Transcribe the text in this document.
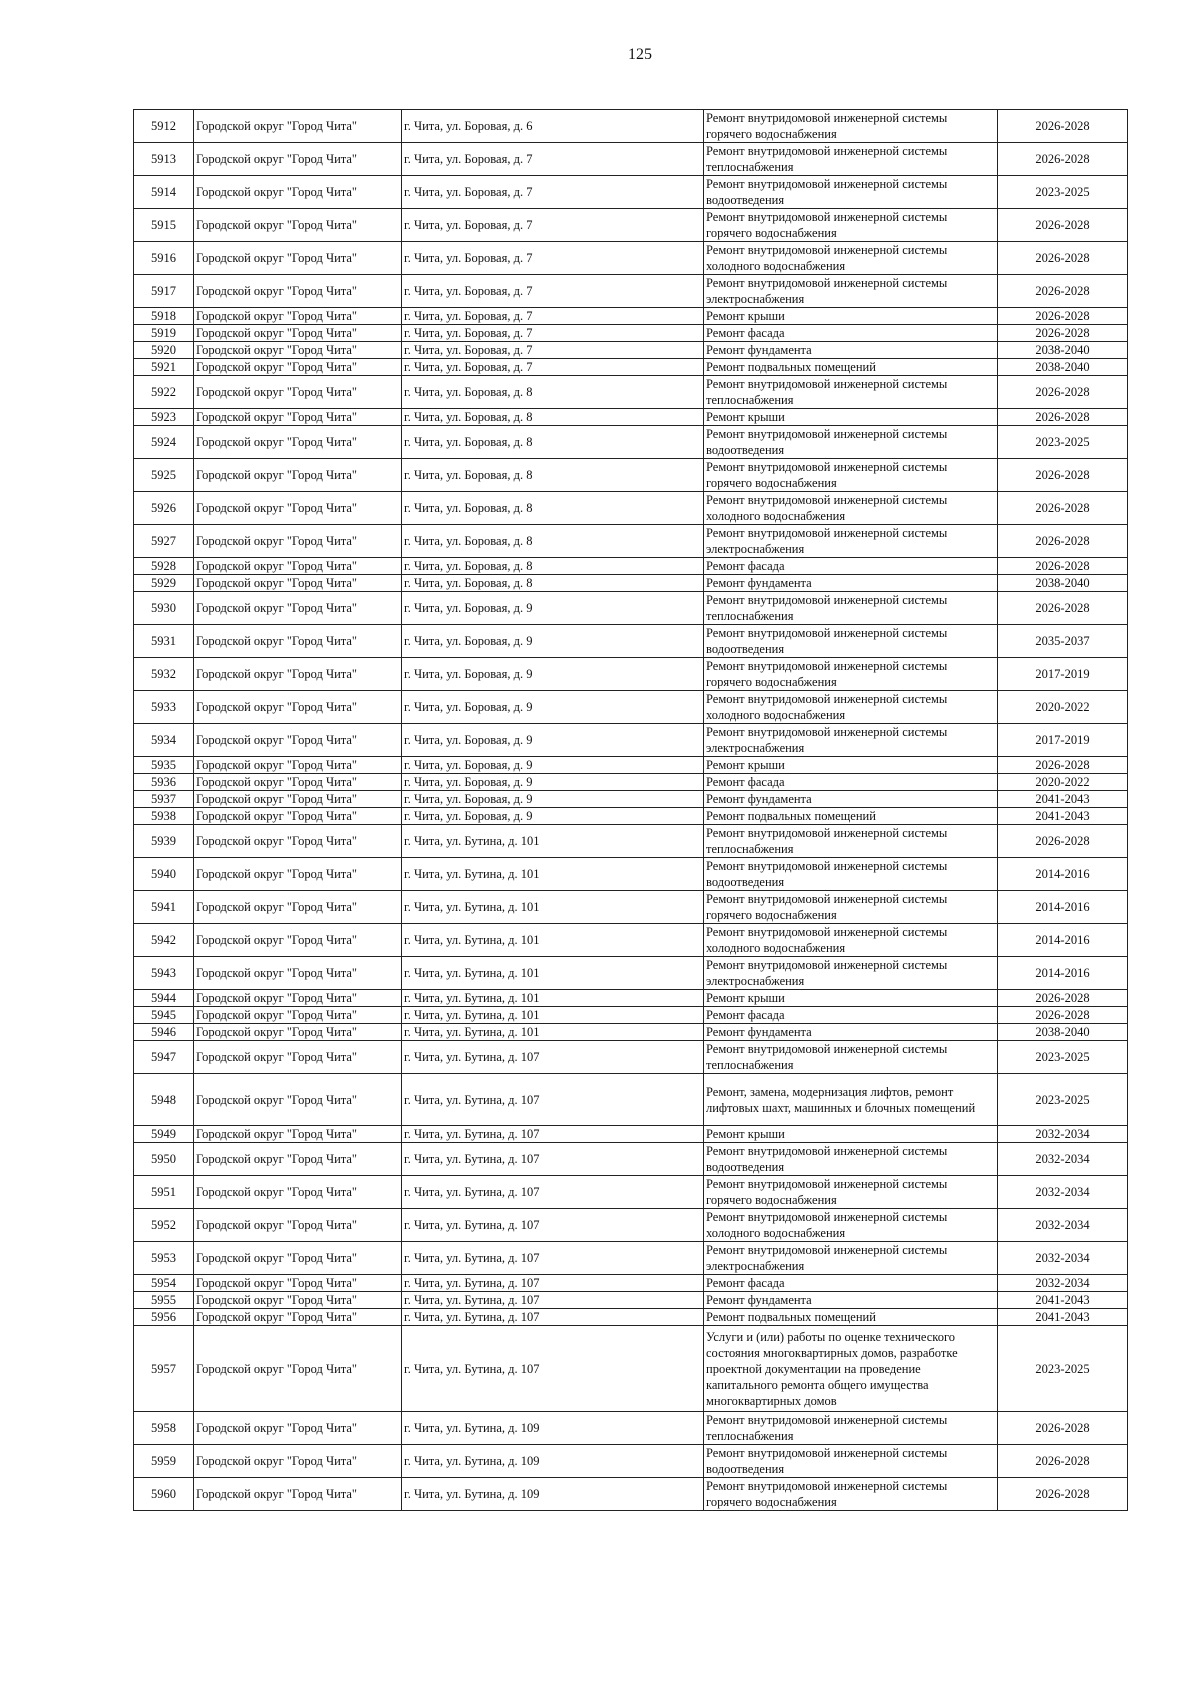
125
5912	Городской округ "Город Чита"	г. Чита, ул. Боровая, д. 6	Ремонт внутридомовой инженерной системы горячего водоснабжения	2026-2028
5913	Городской округ "Город Чита"	г. Чита, ул. Боровая, д. 7	Ремонт внутридомовой инженерной системы теплоснабжения	2026-2028
5914	Городской округ "Город Чита"	г. Чита, ул. Боровая, д. 7	Ремонт внутридомовой инженерной системы водоотведения	2023-2025
5915	Городской округ "Город Чита"	г. Чита, ул. Боровая, д. 7	Ремонт внутридомовой инженерной системы горячего водоснабжения	2026-2028
5916	Городской округ "Город Чита"	г. Чита, ул. Боровая, д. 7	Ремонт внутридомовой инженерной системы холодного водоснабжения	2026-2028
5917	Городской округ "Город Чита"	г. Чита, ул. Боровая, д. 7	Ремонт внутридомовой инженерной системы электроснабжения	2026-2028
5918	Городской округ "Город Чита"	г. Чита, ул. Боровая, д. 7	Ремонт крыши	2026-2028
5919	Городской округ "Город Чита"	г. Чита, ул. Боровая, д. 7	Ремонт фасада	2026-2028
5920	Городской округ "Город Чита"	г. Чита, ул. Боровая, д. 7	Ремонт фундамента	2038-2040
5921	Городской округ "Город Чита"	г. Чита, ул. Боровая, д. 7	Ремонт подвальных помещений	2038-2040
5922	Городской округ "Город Чита"	г. Чита, ул. Боровая, д. 8	Ремонт внутридомовой инженерной системы теплоснабжения	2026-2028
5923	Городской округ "Город Чита"	г. Чита, ул. Боровая, д. 8	Ремонт крыши	2026-2028
5924	Городской округ "Город Чита"	г. Чита, ул. Боровая, д. 8	Ремонт внутридомовой инженерной системы водоотведения	2023-2025
5925	Городской округ "Город Чита"	г. Чита, ул. Боровая, д. 8	Ремонт внутридомовой инженерной системы горячего водоснабжения	2026-2028
5926	Городской округ "Город Чита"	г. Чита, ул. Боровая, д. 8	Ремонт внутридомовой инженерной системы холодного водоснабжения	2026-2028
5927	Городской округ "Город Чита"	г. Чита, ул. Боровая, д. 8	Ремонт внутридомовой инженерной системы электроснабжения	2026-2028
5928	Городской округ "Город Чита"	г. Чита, ул. Боровая, д. 8	Ремонт фасада	2026-2028
5929	Городской округ "Город Чита"	г. Чита, ул. Боровая, д. 8	Ремонт фундамента	2038-2040
5930	Городской округ "Город Чита"	г. Чита, ул. Боровая, д. 9	Ремонт внутридомовой инженерной системы теплоснабжения	2026-2028
5931	Городской округ "Город Чита"	г. Чита, ул. Боровая, д. 9	Ремонт внутридомовой инженерной системы водоотведения	2035-2037
5932	Городской округ "Город Чита"	г. Чита, ул. Боровая, д. 9	Ремонт внутридомовой инженерной системы горячего водоснабжения	2017-2019
5933	Городской округ "Город Чита"	г. Чита, ул. Боровая, д. 9	Ремонт внутридомовой инженерной системы холодного водоснабжения	2020-2022
5934	Городской округ "Город Чита"	г. Чита, ул. Боровая, д. 9	Ремонт внутридомовой инженерной системы электроснабжения	2017-2019
5935	Городской округ "Город Чита"	г. Чита, ул. Боровая, д. 9	Ремонт крыши	2026-2028
5936	Городской округ "Город Чита"	г. Чита, ул. Боровая, д. 9	Ремонт фасада	2020-2022
5937	Городской округ "Город Чита"	г. Чита, ул. Боровая, д. 9	Ремонт фундамента	2041-2043
5938	Городской округ "Город Чита"	г. Чита, ул. Боровая, д. 9	Ремонт подвальных помещений	2041-2043
5939	Городской округ "Город Чита"	г. Чита, ул. Бутина, д. 101	Ремонт внутридомовой инженерной системы теплоснабжения	2026-2028
5940	Городской округ "Город Чита"	г. Чита, ул. Бутина, д. 101	Ремонт внутридомовой инженерной системы водоотведения	2014-2016
5941	Городской округ "Город Чита"	г. Чита, ул. Бутина, д. 101	Ремонт внутридомовой инженерной системы горячего водоснабжения	2014-2016
5942	Городской округ "Город Чита"	г. Чита, ул. Бутина, д. 101	Ремонт внутридомовой инженерной системы холодного водоснабжения	2014-2016
5943	Городской округ "Город Чита"	г. Чита, ул. Бутина, д. 101	Ремонт внутридомовой инженерной системы электроснабжения	2014-2016
5944	Городской округ "Город Чита"	г. Чита, ул. Бутина, д. 101	Ремонт крыши	2026-2028
5945	Городской округ "Город Чита"	г. Чита, ул. Бутина, д. 101	Ремонт фасада	2026-2028
5946	Городской округ "Город Чита"	г. Чита, ул. Бутина, д. 101	Ремонт фундамента	2038-2040
5947	Городской округ "Город Чита"	г. Чита, ул. Бутина, д. 107	Ремонт внутридомовой инженерной системы теплоснабжения	2023-2025
5948	Городской округ "Город Чита"	г. Чита, ул. Бутина, д. 107	Ремонт, замена, модернизация лифтов, ремонт лифтовых шахт, машинных и блочных помещений	2023-2025
5949	Городской округ "Город Чита"	г. Чита, ул. Бутина, д. 107	Ремонт крыши	2032-2034
5950	Городской округ "Город Чита"	г. Чита, ул. Бутина, д. 107	Ремонт внутридомовой инженерной системы водоотведения	2032-2034
5951	Городской округ "Город Чита"	г. Чита, ул. Бутина, д. 107	Ремонт внутридомовой инженерной системы горячего водоснабжения	2032-2034
5952	Городской округ "Город Чита"	г. Чита, ул. Бутина, д. 107	Ремонт внутридомовой инженерной системы холодного водоснабжения	2032-2034
5953	Городской округ "Город Чита"	г. Чита, ул. Бутина, д. 107	Ремонт внутридомовой инженерной системы электроснабжения	2032-2034
5954	Городской округ "Город Чита"	г. Чита, ул. Бутина, д. 107	Ремонт фасада	2032-2034
5955	Городской округ "Город Чита"	г. Чита, ул. Бутина, д. 107	Ремонт фундамента	2041-2043
5956	Городской округ "Город Чита"	г. Чита, ул. Бутина, д. 107	Ремонт подвальных помещений	2041-2043
5957	Городской округ "Город Чита"	г. Чита, ул. Бутина, д. 107	Услуги и (или) работы по оценке технического состояния многоквартирных домов, разработке проектной документации на проведение капитального ремонта общего имущества многоквартирных домов	2023-2025
5958	Городской округ "Город Чита"	г. Чита, ул. Бутина, д. 109	Ремонт внутридомовой инженерной системы теплоснабжения	2026-2028
5959	Городской округ "Город Чита"	г. Чита, ул. Бутина, д. 109	Ремонт внутридомовой инженерной системы водоотведения	2026-2028
5960	Городской округ "Город Чита"	г. Чита, ул. Бутина, д. 109	Ремонт внутридомовой инженерной системы горячего водоснабжения	2026-2028
